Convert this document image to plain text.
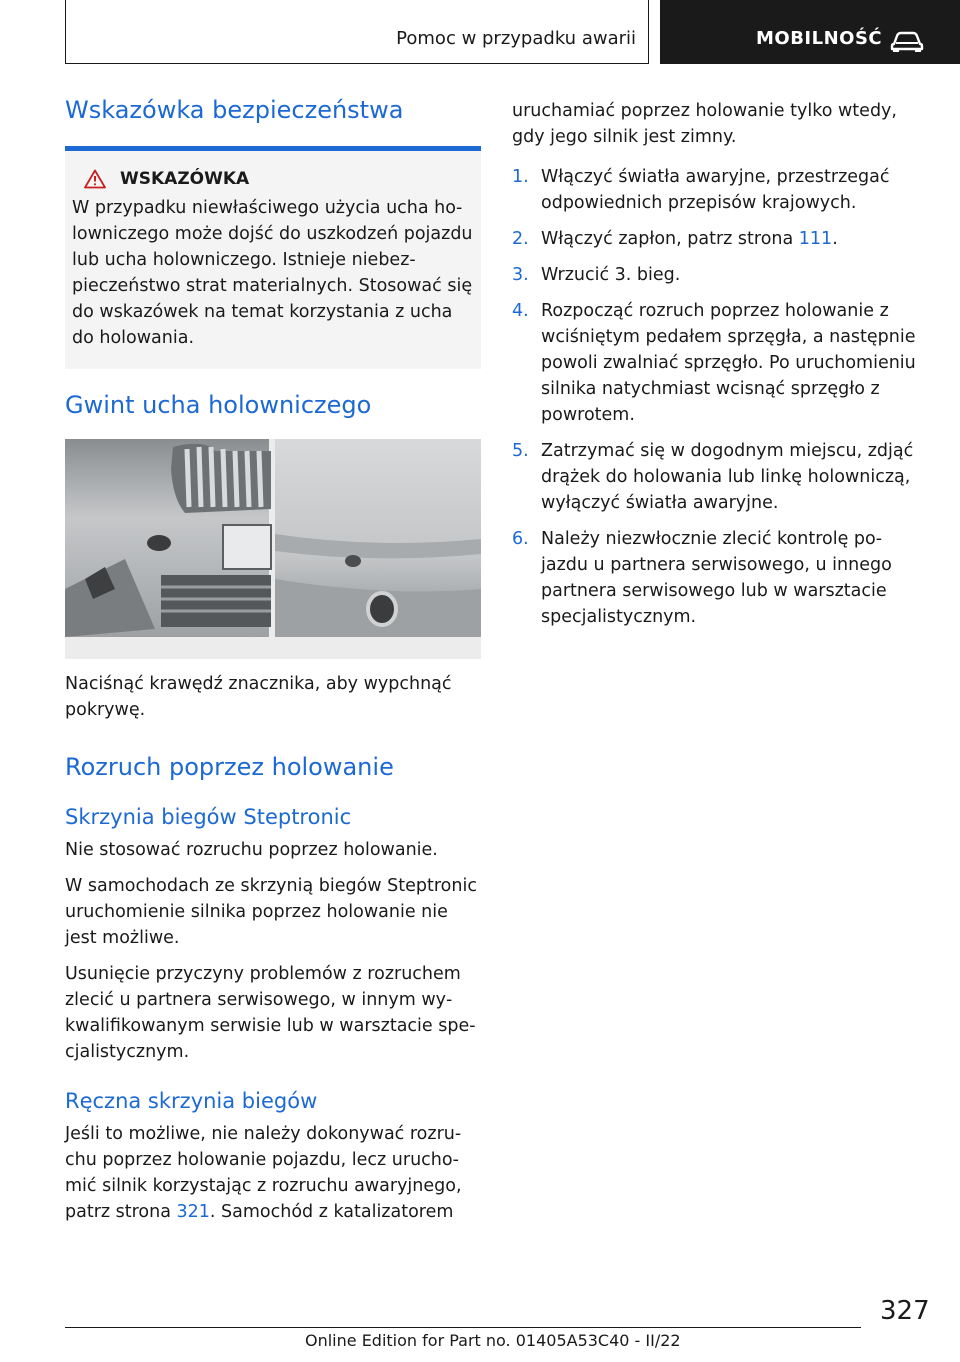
Pomoc w przypadku awarii	MOBILNOŚĆ
Wskazówka bezpieczeństwa
WSKAZÓWKA

W przypadku niewłaściwego użycia ucha holowniczego może dojść do uszkodzeń pojazdu lub ucha holowniczego. Istnieje niebezpieczeństwo strat materialnych. Stosować się do wskazówek na temat korzystania z ucha do holowania.

Gwint ucha holowniczego

Naciśnąć krawędź znacznika, aby wypchnąć pokrywę.

Rozruch poprzez holowanie
Skrzynia biegów Steptronic

Nie stosować rozruchu poprzez holowanie.

W samochodach ze skrzynią biegów Steptronic uruchomienie silnika poprzez holowanie nie jest możliwe.

Usunięcie przyczyny problemów z rozruchem zlecić u partnera serwisowego, w innym wykwalifikowanym serwisie lub w warsztacie specjalistycznym.

Ręczna skrzynia biegów

Jeśli to możliwe, nie należy dokonywać rozruchu poprzez holowanie pojazdu, lecz uruchomić silnik korzystając z rozruchu awaryjnego, patrz strona 321. Samochód z katalizatorem

uruchamiać poprzez holowanie tylko wtedy, gdy jego silnik jest zimny.

1. Włączyć światła awaryjne, przestrzegać odpowiednich przepisów krajowych.
2. Włączyć zapłon, patrz strona 111.
3. Wrzucić 3. bieg.
4. Rozpocząć rozruch poprzez holowanie z wciśniętym pedałem sprzęgła, a następnie powoli zwalniać sprzęgło. Po uruchomieniu silnika natychmiast wcisnąć sprzęgło z powrotem.
5. Zatrzymać się w dogodnym miejscu, zdjąć drążek do holowania lub linkę holowniczą, wyłączyć światła awaryjne.
6. Należy niezwłocznie zlecić kontrolę pojazdu u partnera serwisowego, u innego partnera serwisowego lub w warsztacie specjalistycznym.
327
Online Edition for Part no. 01405A53C40 - II/22
